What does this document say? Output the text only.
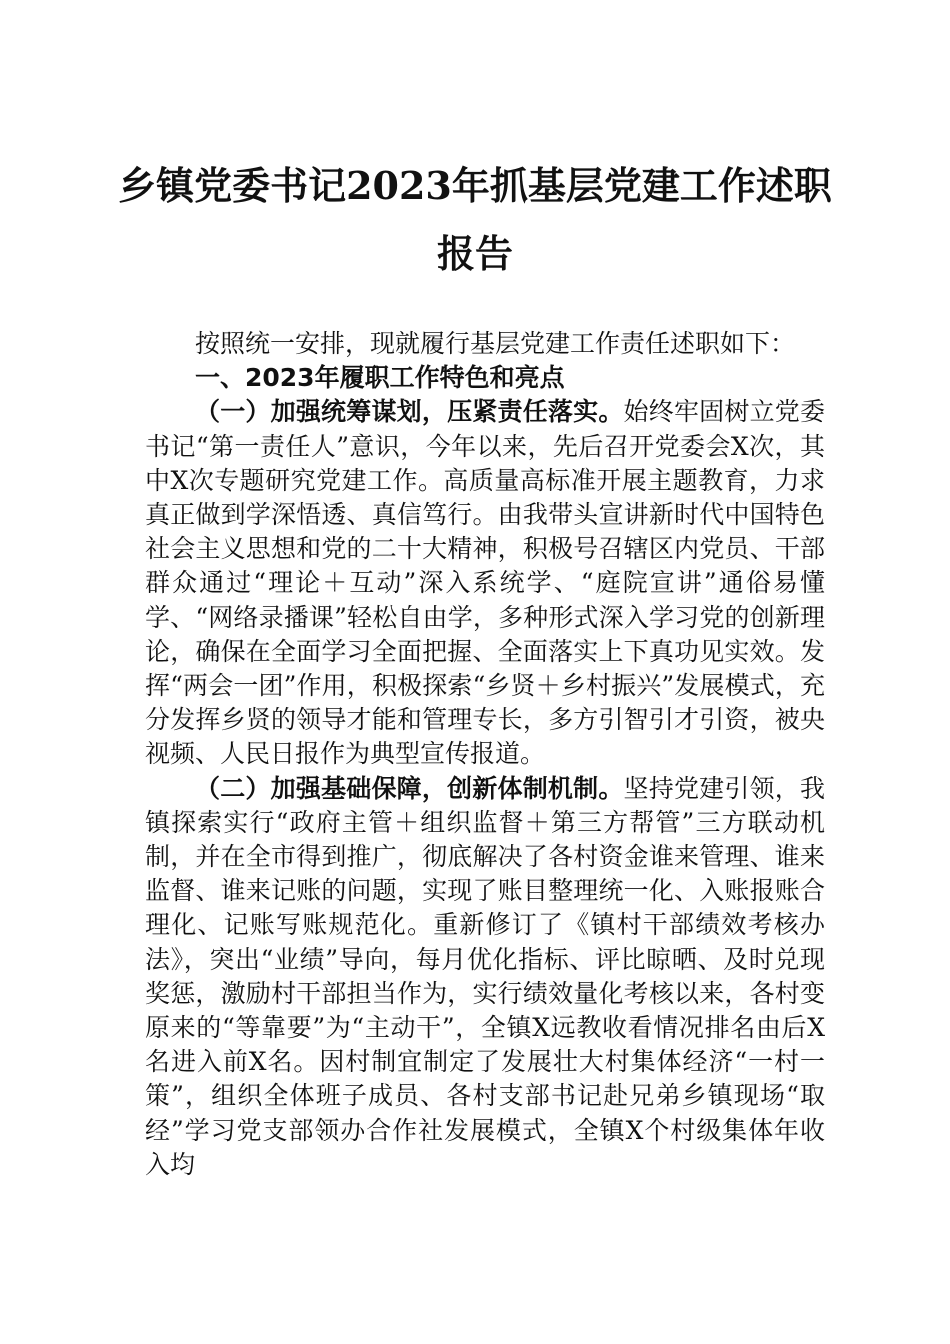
乡镇党委书记2023年抓基层党建工作述职
报告

按照统一安排，现就履行基层党建工作责任述职如下：

一、2023年履职工作特色和亮点

（一）加强统筹谋划，压紧责任落实。始终牢固树立党委书记“第一责任人”意识，今年以来，先后召开党委会X次，其中X次专题研究党建工作。高质量高标准开展主题教育，力求真正做到学深悟透、真信笃行。由我带头宣讲新时代中国特色社会主义思想和党的二十大精神，积极号召辖区内党员、干部群众通过“理论＋互动”深入系统学、“庭院宣讲”通俗易懂学、“网络录播课”轻松自由学，多种形式深入学习党的创新理论，确保在全面学习全面把握、全面落实上下真功见实效。发挥“两会一团”作用，积极探索“乡贤＋乡村振兴”发展模式，充分发挥乡贤的领导才能和管理专长，多方引智引才引资，被央视频、人民日报作为典型宣传报道。

（二）加强基础保障，创新体制机制。坚持党建引领，我镇探索实行“政府主管＋组织监督＋第三方帮管”三方联动机制，并在全市得到推广，彻底解决了各村资金谁来管理、谁来监督、谁来记账的问题，实现了账目整理统一化、入账报账合理化、记账写账规范化。重新修订了《镇村干部绩效考核办法》，突出“业绩”导向，每月优化指标、评比晾晒、及时兑现奖惩，激励村干部担当作为，实行绩效量化考核以来，各村变原来的“等靠要”为“主动干”，全镇X远教收看情况排名由后X名进入前X名。因村制宜制定了发展壮大村集体经济“一村一策”，组织全体班子成员、各村支部书记赴兄弟乡镇现场“取经”学习党支部领办合作社发展模式，全镇X个村级集体年收入均
